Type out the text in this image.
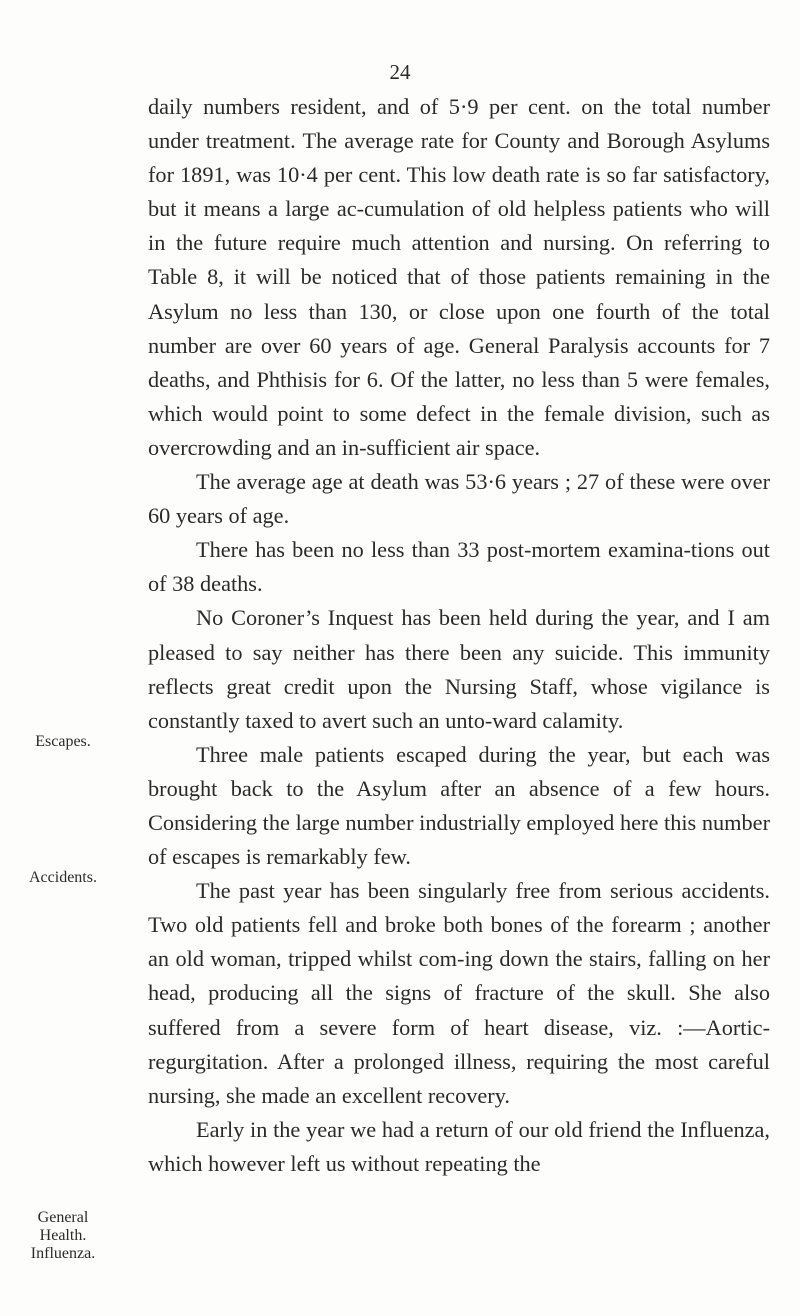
24
Escapes.
Accidents.
General
Health.
Influenza.

daily numbers resident, and of 5·9 per cent. on the total number under treatment. The average rate for County and Borough Asylums for 1891, was 10·4 per cent. This low death rate is so far satisfactory, but it means a large ac-cumulation of old helpless patients who will in the future require much attention and nursing. On referring to Table 8, it will be noticed that of those patients remaining in the Asylum no less than 130, or close upon one fourth of the total number are over 60 years of age. General Paralysis accounts for 7 deaths, and Phthisis for 6. Of the latter, no less than 5 were females, which would point to some defect in the female division, such as overcrowding and an in-sufficient air space.

The average age at death was 53·6 years ; 27 of these were over 60 years of age.

There has been no less than 33 post-mortem examina-tions out of 38 deaths.

No Coroner’s Inquest has been held during the year, and I am pleased to say neither has there been any suicide. This immunity reflects great credit upon the Nursing Staff, whose vigilance is constantly taxed to avert such an unto-ward calamity.

Three male patients escaped during the year, but each was brought back to the Asylum after an absence of a few hours. Considering the large number industrially employed here this number of escapes is remarkably few.

The past year has been singularly free from serious accidents. Two old patients fell and broke both bones of the forearm ; another an old woman, tripped whilst com-ing down the stairs, falling on her head, producing all the signs of fracture of the skull. She also suffered from a severe form of heart disease, viz. :—Aortic-regurgitation. After a prolonged illness, requiring the most careful nursing, she made an excellent recovery.

Early in the year we had a return of our old friend the Influenza, which however left us without repeating the
